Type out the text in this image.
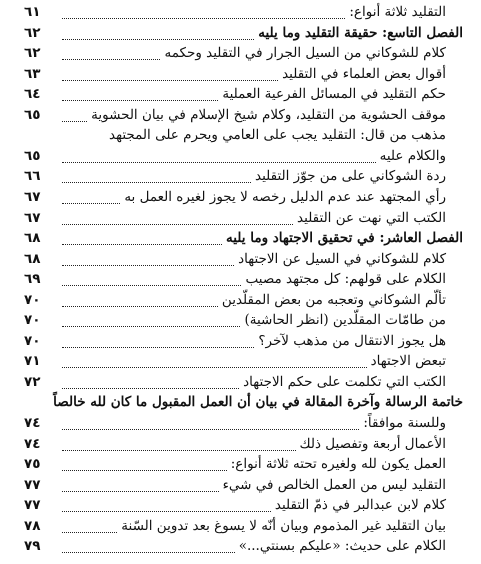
التقليد ثلاثة أنواع:
٦١
الفصل التاسع: حقيقة التقليد وما يليه
٦٢
كلام للشوكاني من السيل الجرار في التقليد وحكمه
٦٢
أقوال بعض العلماء في التقليد
٦٣
حكم التقليد في المسائل الفرعية العملية
٦٤
موقف الحشوية من التقليد، وكلام شيخ الإسلام في بيان الحشوية
٦٥
مذهب من قال: التقليد يجب على العامي ويحرم على المجتهد
والكلام عليه
٦٥
ردة الشوكاني على من جوّز التقليد
٦٦
رأي المجتهد عند عدم الدليل رخصه لا يجوز لغيره العمل به
٦٧
الكتب التي نهت عن التقليد
٦٧
الفصل العاشر: في تحقيق الاجتهاد وما يليه
٦٨
كلام للشوكاني في السيل عن الاجتهاد
٦٨
الكلام على قولهم: كل مجتهد مصيب
٦٩
تألّم الشوكاني وتعجبه من بعض المقلّدين
٧٠
من طامّات المقلّدين (انظر الحاشية)
٧٠
هل يجوز الانتقال من مذهب لآخر؟
٧٠
تبعض الاجتهاد
٧١
الكتب التي تكلمت على حكم الاجتهاد
٧٢
خاتمة الرسالة وآخرة المقالة في بيان أن العمل المقبول ما كان لله خالصاً
وللسنة موافقاً:
٧٤
الأعمال أربعة وتفصيل ذلك
٧٤
العمل يكون لله ولغيره تحته ثلاثة أنواع:
٧٥
التقليد ليس من العمل الخالص في شيء
٧٧
كلام لابن عبدالبر في ذمّ التقليد
٧٧
بيان التقليد غير المذموم وبيان أنّه لا يسوغ بعد تدوين السّنة
٧٨
الكلام على حديث: «عليكم بسنتي...»
٧٩
